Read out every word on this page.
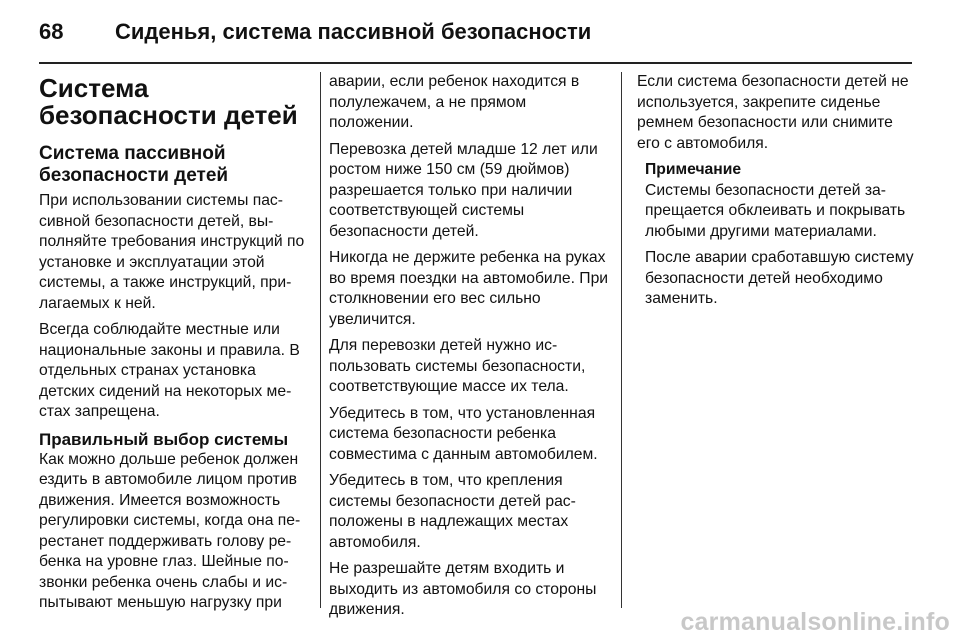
68	Сиденья, система пассивной безопасности
Система безопасности детей
Система пассивной безопасности детей

При использовании системы пассивной безопасности детей, выполняйте требования инструкций по установке и эксплуатации этой системы, а также инструкций, прилагаемых к ней.

Всегда соблюдайте местные или национальные законы и правила. В отдельных странах установка детских сидений на некоторых местах запрещена.

Правильный выбор системы

Как можно дольше ребенок должен ездить в автомобиле лицом против движения. Имеется возможность регулировки системы, когда она перестанет поддерживать голову ребенка на уровне глаз. Шейные позвонки ребенка очень слабы и испытывают меньшую нагрузку при

аварии, если ребенок находится в полулежачем, а не прямом положении.

Перевозка детей младше 12 лет или ростом ниже 150 см (59 дюймов) разрешается только при наличии соответствующей системы безопасности детей.

Никогда не держите ребенка на руках во время поездки на автомобиле. При столкновении его вес сильно увеличится.

Для перевозки детей нужно использовать системы безопасности, соответствующие массе их тела.

Убедитесь в том, что установленная система безопасности ребенка совместима с данным автомобилем.

Убедитесь в том, что крепления системы безопасности детей расположены в надлежащих местах автомобиля.

Не разрешайте детям входить и выходить из автомобиля со стороны движения.

Если система безопасности детей не используется, закрепите сиденье ремнем безопасности или снимите его с автомобиля.

Примечание

Системы безопасности детей запрещается обклеивать и покрывать любыми другими материалами.

После аварии сработавшую систему безопасности детей необходимо заменить.

carmanualsonline.info
